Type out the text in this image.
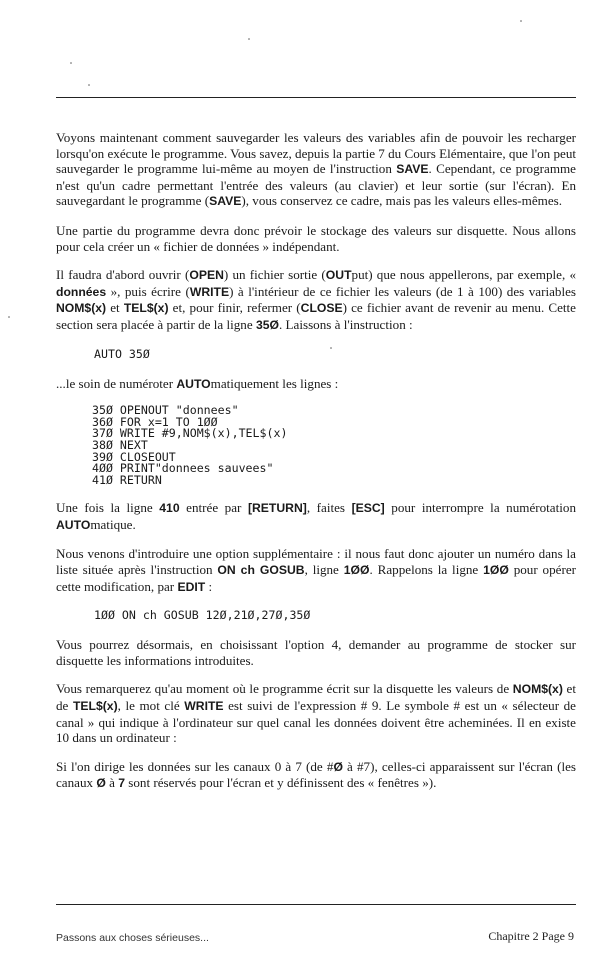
Voyons maintenant comment sauvegarder les valeurs des variables afin de pouvoir les recharger lorsqu'on exécute le programme. Vous savez, depuis la partie 7 du Cours Elémentaire, que l'on peut sauvegarder le programme lui-même au moyen de l'instruction SAVE. Cependant, ce programme n'est qu'un cadre permettant l'entrée des valeurs (au clavier) et leur sortie (sur l'écran). En sauvegardant le programme (SAVE), vous conservez ce cadre, mais pas les valeurs elles-mêmes.

Une partie du programme devra donc prévoir le stockage des valeurs sur disquette. Nous allons pour cela créer un « fichier de données » indépendant.

Il faudra d'abord ouvrir (OPEN) un fichier sortie (OUTput) que nous appellerons, par exemple, « données », puis écrire (WRITE) à l'intérieur de ce fichier les valeurs (de 1 à 100) des variables NOM$(x) et TEL$(x) et, pour finir, refermer (CLOSE) ce fichier avant de revenir au menu. Cette section sera placée à partir de la ligne 35Ø. Laissons à l'instruction :

AUTO 35Ø

...le soin de numéroter AUTOmatiquement les lignes :

35Ø OPENOUT "donnees"
36Ø FOR x=1 TO 1ØØ
37Ø WRITE #9,NOM$(x),TEL$(x)
38Ø NEXT
39Ø CLOSEOUT
4ØØ PRINT"donnees sauvees"
41Ø RETURN

Une fois la ligne 410 entrée par [RETURN], faites [ESC] pour interrompre la numérotation AUTOmatique.

Nous venons d'introduire une option supplémentaire : il nous faut donc ajouter un numéro dans la liste située après l'instruction ON ch GOSUB, ligne 1ØØ. Rappelons la ligne 1ØØ pour opérer cette modification, par EDIT :

1ØØ ON ch GOSUB 12Ø,21Ø,27Ø,35Ø

Vous pourrez désormais, en choisissant l'option 4, demander au programme de stocker sur disquette les informations introduites.

Vous remarquerez qu'au moment où le programme écrit sur la disquette les valeurs de NOM$(x) et de TEL$(x), le mot clé WRITE est suivi de l'expression # 9. Le symbole # est un « sélecteur de canal » qui indique à l'ordinateur sur quel canal les données doivent être acheminées. Il en existe 10 dans un ordinateur :

Si l'on dirige les données sur les canaux 0 à 7 (de #Ø à #7), celles-ci apparaissent sur l'écran (les canaux Ø à 7 sont réservés pour l'écran et y définissent des « fenêtres »).

Passons aux choses sérieuses...	Chapitre 2 Page 9
